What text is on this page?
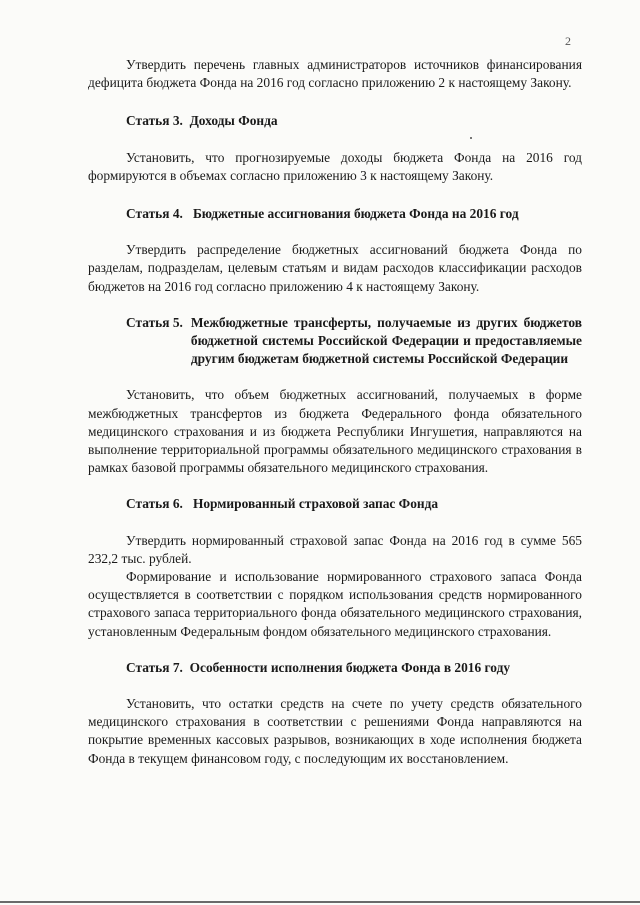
2

Утвердить перечень главных администраторов источников финансирования дефицита бюджета Фонда на 2016 год согласно приложению 2 к настоящему Закону.

Статья 3. Доходы Фонда

Установить, что прогнозируемые доходы бюджета Фонда на 2016 год формируются в объемах согласно приложению 3 к настоящему Закону.

Статья 4. Бюджетные ассигнования бюджета Фонда на 2016 год

Утвердить распределение бюджетных ассигнований бюджета Фонда по разделам, подразделам, целевым статьям и видам расходов классификации расходов бюджетов на 2016 год согласно приложению 4 к настоящему Закону.

Статья 5. Межбюджетные трансферты, получаемые из других бюджетов бюджетной системы Российской Федерации и предоставляемые другим бюджетам бюджетной системы Российской Федерации

Установить, что объем бюджетных ассигнований, получаемых в форме межбюджетных трансфертов из бюджета Федерального фонда обязательного медицинского страхования и из бюджета Республики Ингушетия, направляются на выполнение территориальной программы обязательного медицинского страхования в рамках базовой программы обязательного медицинского страхования.

Статья 6. Нормированный страховой запас Фонда

Утвердить нормированный страховой запас Фонда на 2016 год в сумме 565 232,2 тыс. рублей.

Формирование и использование нормированного страхового запаса Фонда осуществляется в соответствии с порядком использования средств нормированного страхового запаса территориального фонда обязательного медицинского страхования, установленным Федеральным фондом обязательного медицинского страхования.

Статья 7. Особенности исполнения бюджета Фонда в 2016 году

Установить, что остатки средств на счете по учету средств обязательного медицинского страхования в соответствии с решениями Фонда направляются на покрытие временных кассовых разрывов, возникающих в ходе исполнения бюджета Фонда в текущем финансовом году, с последующим их восстановлением.
